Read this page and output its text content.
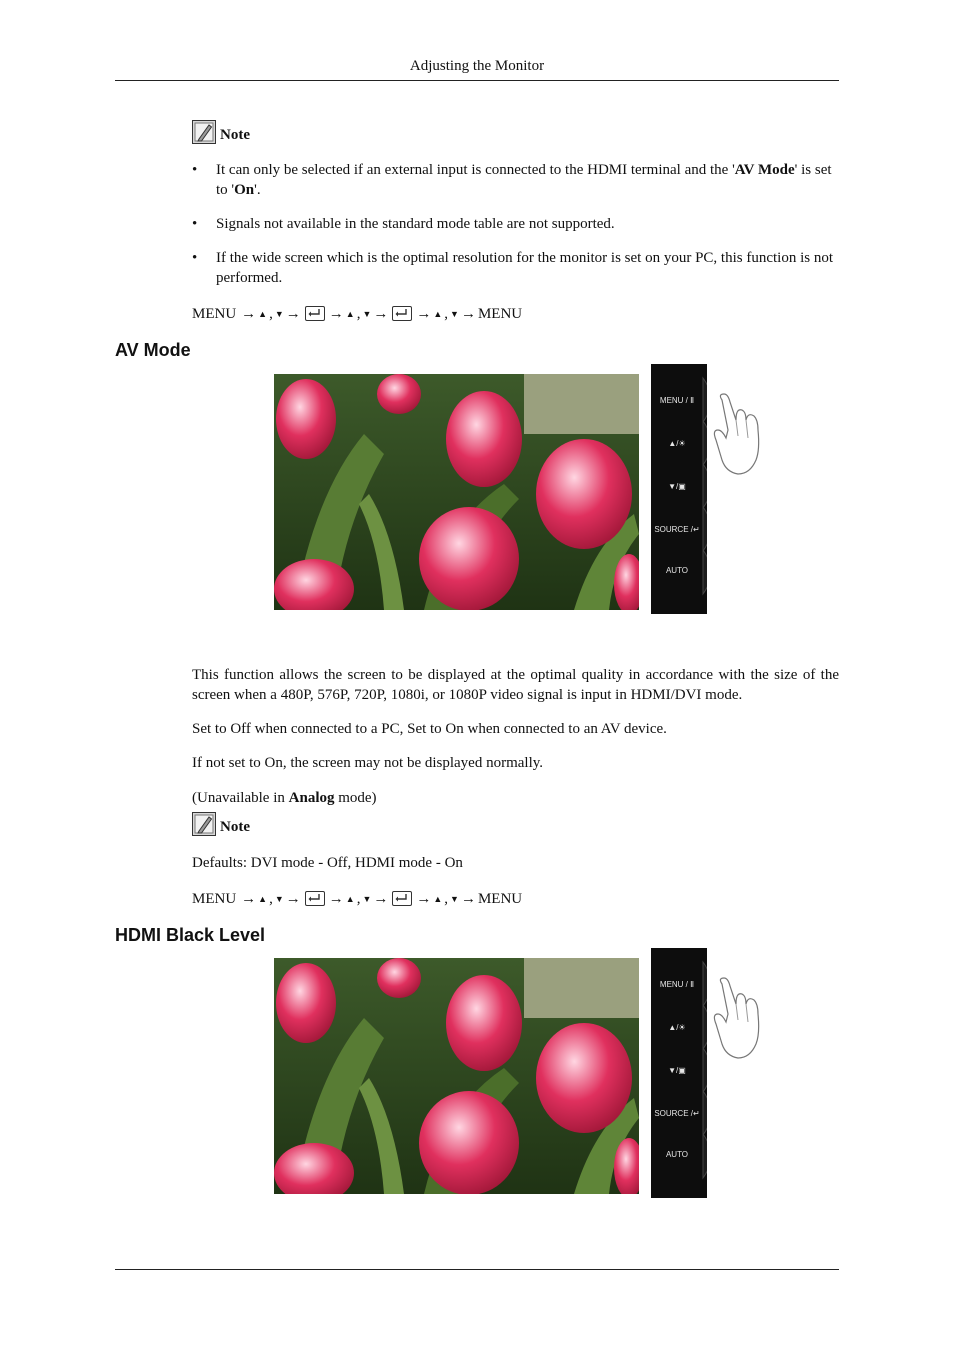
Adjusting the Monitor
Note
• It can only be selected if an external input is connected to the HDMI terminal and the 'AV Mode' is set to 'On'.
• Signals not available in the standard mode table are not supported.
• If the wide screen which is the optimal resolution for the monitor is set on your PC, this function is not performed.
MENU → ▲ , ▼ → → ▲ , ▼ → → ▲ , ▼ → MENU
AV Mode
MENU / Ⅱ
▲/☀
▼/▣
SOURCE /↵
AUTO

This function allows the screen to be displayed at the optimal quality in accordance with the size of the screen when a 480P, 576P, 720P, 1080i, or 1080P video signal is input in HDMI/DVI mode.

Set to Off when connected to a PC, Set to On when connected to an AV device.

If not set to On, the screen may not be displayed normally.

(Unavailable in Analog mode)

Note

Defaults: DVI mode - Off, HDMI mode - On

MENU → ▲ , ▼ → → ▲ , ▼ → → ▲ , ▼ → MENU
HDMI Black Level
MENU / Ⅱ
▲/☀
▼/▣
SOURCE /↵
AUTO
